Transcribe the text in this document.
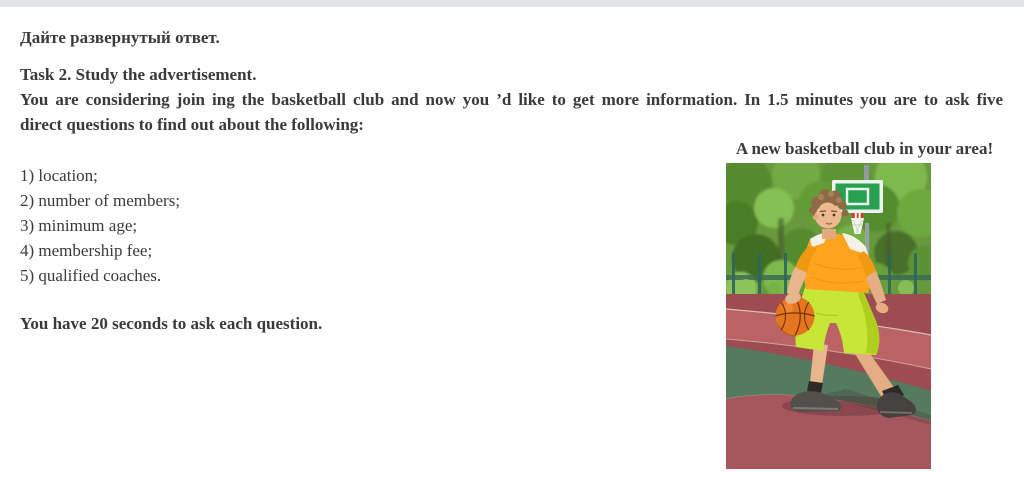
Дайте развернутый ответ.
Task 2. Study the advertisement.
You are considering join ing the basketball club and now you ’d like to get more information. In 1.5 minutes you are to ask five
direct questions to find out about the following:
A new basketball club in your area!
1) location;
2) number of members;
3) minimum age;
4) membership fee;
5) qualified coaches.
You have 20 seconds to ask each question.
